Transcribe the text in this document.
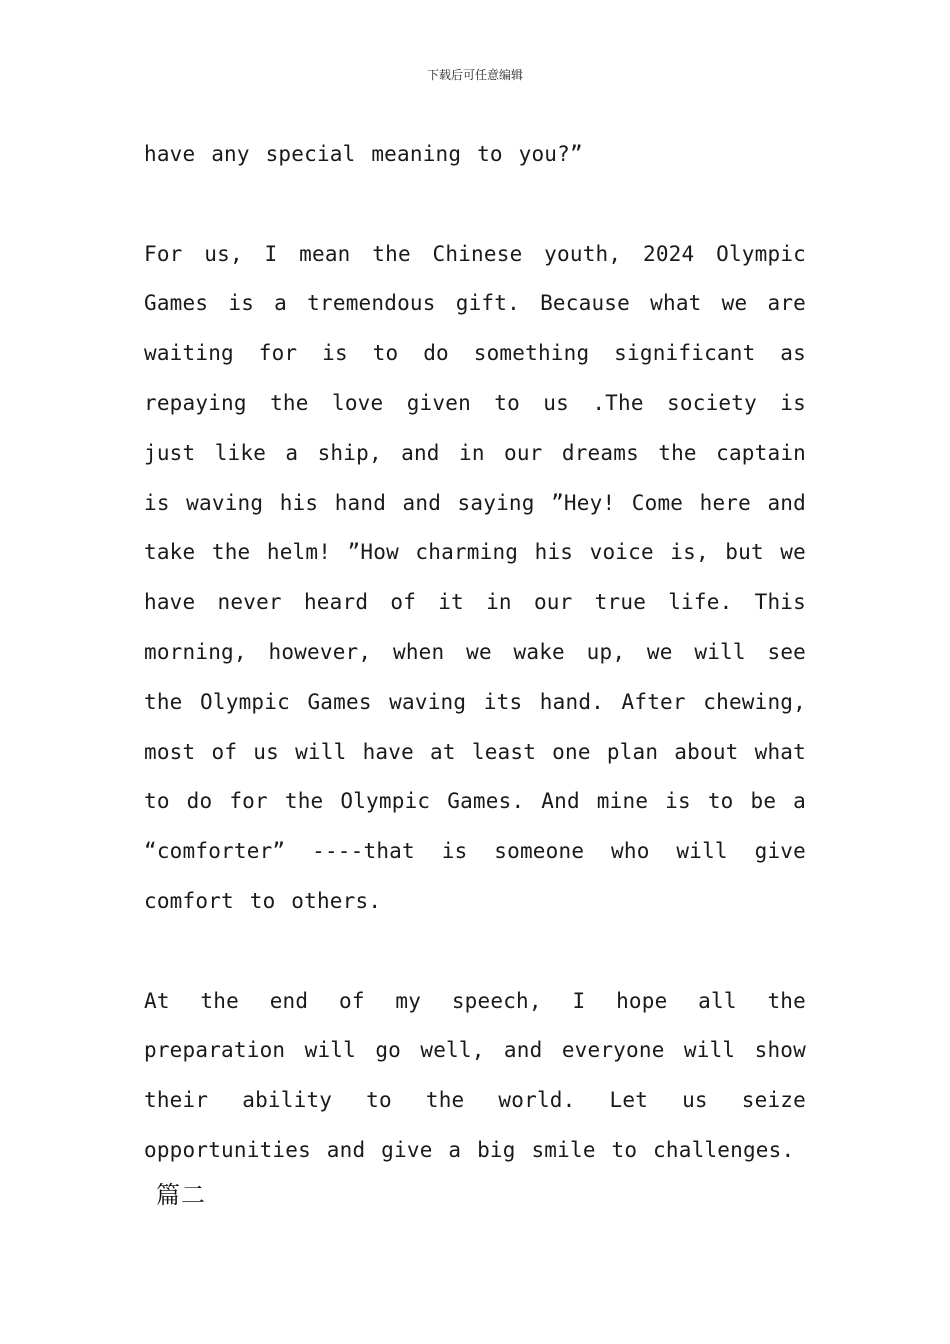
下载后可任意编辑

have any special meaning to you?”

For us, I mean the Chinese youth, 2024 Olympic Games is a tremendous gift. Because what we are waiting for is to do something significant as repaying the love given to us .The society is just like a ship, and in our dreams the captain is waving his hand and saying ”Hey! Come here and take the helm! ”How charming his voice is, but we have never heard of it in our true life. This morning, however, when we wake up, we will see the Olympic Games waving its hand. After chewing, most of us will have at least one plan about what to do for the Olympic Games. And mine is to be a “comforter” ----that is someone who will give comfort to others.

At the end of my speech, I hope all the preparation will go well, and everyone will show their ability to the world. Let us seize opportunities and give a big smile to challenges.

篇二
